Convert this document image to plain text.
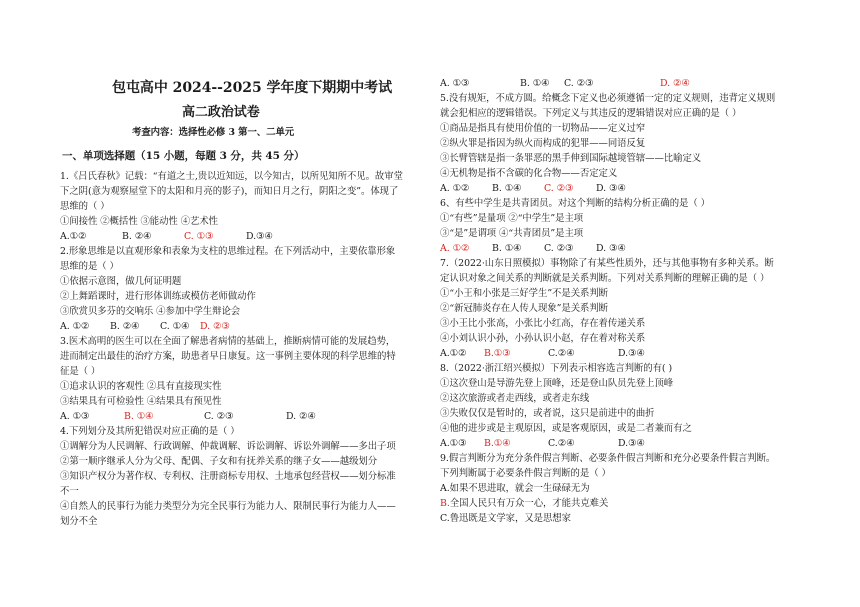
包屯高中 2024--2025 学年度下期期中考试
高二政治试卷
考查内容：选择性必修 3 第一、二单元
一、单项选择题（15 小题，每题 3 分，共 45 分）
1.《吕氏春秋》记载：“有道之士,贵以近知远，以今知古，以所见知所不见。故审堂
下之阴(意为观察屋堂下的太阳和月亮的影子)，而知日月之行，阴阳之变”。体现了
思维的（ ）
①间接性 ②概括性 ③能动性 ④艺术性
A.①②	B. ②④	C. ①③	D.③④
2.形象思维是以直观形象和表象为支柱的思维过程。在下列活动中，主要依靠形象
思维的是（ ）
①依据示意图，做几何证明题
②上舞蹈课时，进行形体训练或模仿老师做动作
③欣赏贝多芬的交响乐 ④参加中学生辩论会
A. ①② B. ②④ C. ①④ D. ②③
3.医术高明的医生可以在全面了解患者病情的基础上，推断病情可能的发展趋势，
进而制定出最佳的治疗方案，助患者早日康复。这一事例主要体现的科学思维的特
征是（ ）
①追求认识的客观性 ②具有直接现实性
③结果具有可检验性 ④结果具有预见性
A. ①③	B. ①④	C. ②③	D. ②④
4.下列划分及其所犯错误对应正确的是（ ）
①调解分为人民调解、行政调解、仲裁调解、诉讼调解、诉讼外调解——多出子项
②第一顺序继承人分为父母、配偶、子女和有抚养关系的继子女——越级划分
③知识产权分为著作权、专利权、注册商标专用权、土地承包经营权——划分标准
不一
④自然人的民事行为能力类型分为完全民事行为能力人、限制民事行为能力人——
划分不全
A. ①③	B. ①④ C. ②③	D. ②④
5.没有规矩，不成方圆。给概念下定义也必须遵循一定的定义规则，违背定义规则
就会犯相应的逻辑错误。下列定义与其违反的逻辑错误对应正确的是（ ）
①商品是指具有使用价值的一切物品——定义过窄
②纵火罪是指因为纵火而构成的犯罪——同语反复
③长臂管辖是指一条罪恶的黑手伸到国际越境管辖——比喻定义
④无机物是指不含碳的化合物——否定定义
A. ①② B. ①④ C. ②③ D. ③④
6、有些中学生是共青团员。对这个判断的结构分析正确的是（ ）
①“有些”是量项 ②“中学生”是主项
③“是”是谓项 ④“共青团员”是主项
A. ①② B. ①④ C. ②③ D. ③④
7.（2022·山东日照模拟）事物除了有某些性质外，还与其他事物有多种关系。断
定认识对象之间关系的判断就是关系判断。下列对关系判断的理解正确的是（ ）
①“小王和小张是三好学生”不是关系判断
②“新冠肺炎存在人传人现象”是关系判断
③小王比小张高，小张比小红高，存在着传递关系
④小刘认识小孙，小孙认识小赵，存在着对称关系
A.①② B.①③	C.②④	D.③④
8.（2022·浙江绍兴模拟）下列表示相容选言判断的有( )
①这次登山是导游先登上顶峰，还是登山队员先登上顶峰
②这次旅游或者走西线，或者走东线
③失败仅仅是暂时的，或者说，这只是前进中的曲折
④他的进步或是主观原因，或是客观原因，或是二者兼而有之
A.①③ B.①④	C.②④	D.③④
9.假言判断分为充分条件假言判断、必要条件假言判断和充分必要条件假言判断。
下列判断属于必要条件假言判断的是（ ）
A.如果不思进取，就会一生碌碌无为
B.全国人民只有万众一心，才能共克难关
C.鲁迅既是文学家，又是思想家
